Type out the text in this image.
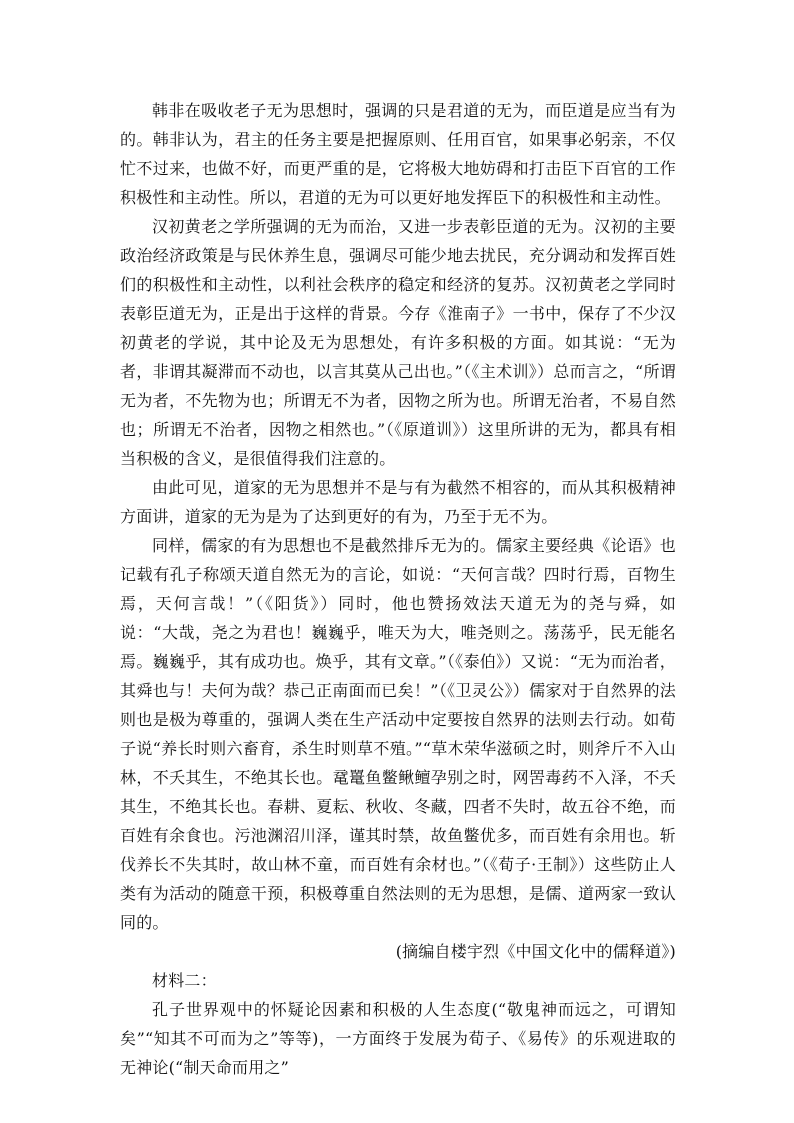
韩非在吸收老子无为思想时，强调的只是君道的无为，而臣道是应当有为的。韩非认为，君主的任务主要是把握原则、任用百官，如果事必躬亲，不仅忙不过来，也做不好，而更严重的是，它将极大地妨碍和打击臣下百官的工作积极性和主动性。所以，君道的无为可以更好地发挥臣下的积极性和主动性。

汉初黄老之学所强调的无为而治，又进一步表彰臣道的无为。汉初的主要政治经济政策是与民休养生息，强调尽可能少地去扰民，充分调动和发挥百姓们的积极性和主动性，以利社会秩序的稳定和经济的复苏。汉初黄老之学同时表彰臣道无为，正是出于这样的背景。今存《淮南子》一书中，保存了不少汉初黄老的学说，其中论及无为思想处，有许多积极的方面。如其说：“无为者，非谓其凝滞而不动也，以言其莫从己出也。”（《主术训》）总而言之，“所谓无为者，不先物为也；所谓无不为者，因物之所为也。所谓无治者，不易自然也；所谓无不治者，因物之相然也。”（《原道训》）这里所讲的无为，都具有相当积极的含义，是很值得我们注意的。

由此可见，道家的无为思想并不是与有为截然不相容的，而从其积极精神方面讲，道家的无为是为了达到更好的有为，乃至于无不为。

同样，儒家的有为思想也不是截然排斥无为的。儒家主要经典《论语》也记载有孔子称颂天道自然无为的言论，如说：“天何言哉？四时行焉，百物生焉，天何言哉！”（《阳货》）同时，他也赞扬效法天道无为的尧与舜，如说：“大哉，尧之为君也！巍巍乎，唯天为大，唯尧则之。荡荡乎，民无能名焉。巍巍乎，其有成功也。焕乎，其有文章。”（《泰伯》）又说：“无为而治者，其舜也与！夫何为哉？恭己正南面而已矣！”（《卫灵公》）儒家对于自然界的法则也是极为尊重的，强调人类在生产活动中定要按自然界的法则去行动。如荀子说“养长时则六畜育，杀生时则草不殖。”“草木荣华滋硕之时，则斧斤不入山林，不夭其生，不绝其长也。鼋鼍鱼鳖鳅鳣孕别之时，网罟毒药不入泽，不夭其生，不绝其长也。春耕、夏耘、秋收、冬藏，四者不失时，故五谷不绝，而百姓有余食也。污池渊沼川泽，谨其时禁，故鱼鳖优多，而百姓有余用也。斩伐养长不失其时，故山林不童，而百姓有余材也。”（《荀子·王制》）这些防止人类有为活动的随意干预，积极尊重自然法则的无为思想，是儒、道两家一致认同的。

(摘编自楼宇烈《中国文化中的儒释道》)

材料二：

孔子世界观中的怀疑论因素和积极的人生态度(“敬鬼神而远之，可谓知矣”“知其不可而为之”等等)，一方面终于发展为荀子、《易传》的乐观进取的无神论(“制天命而用之”
